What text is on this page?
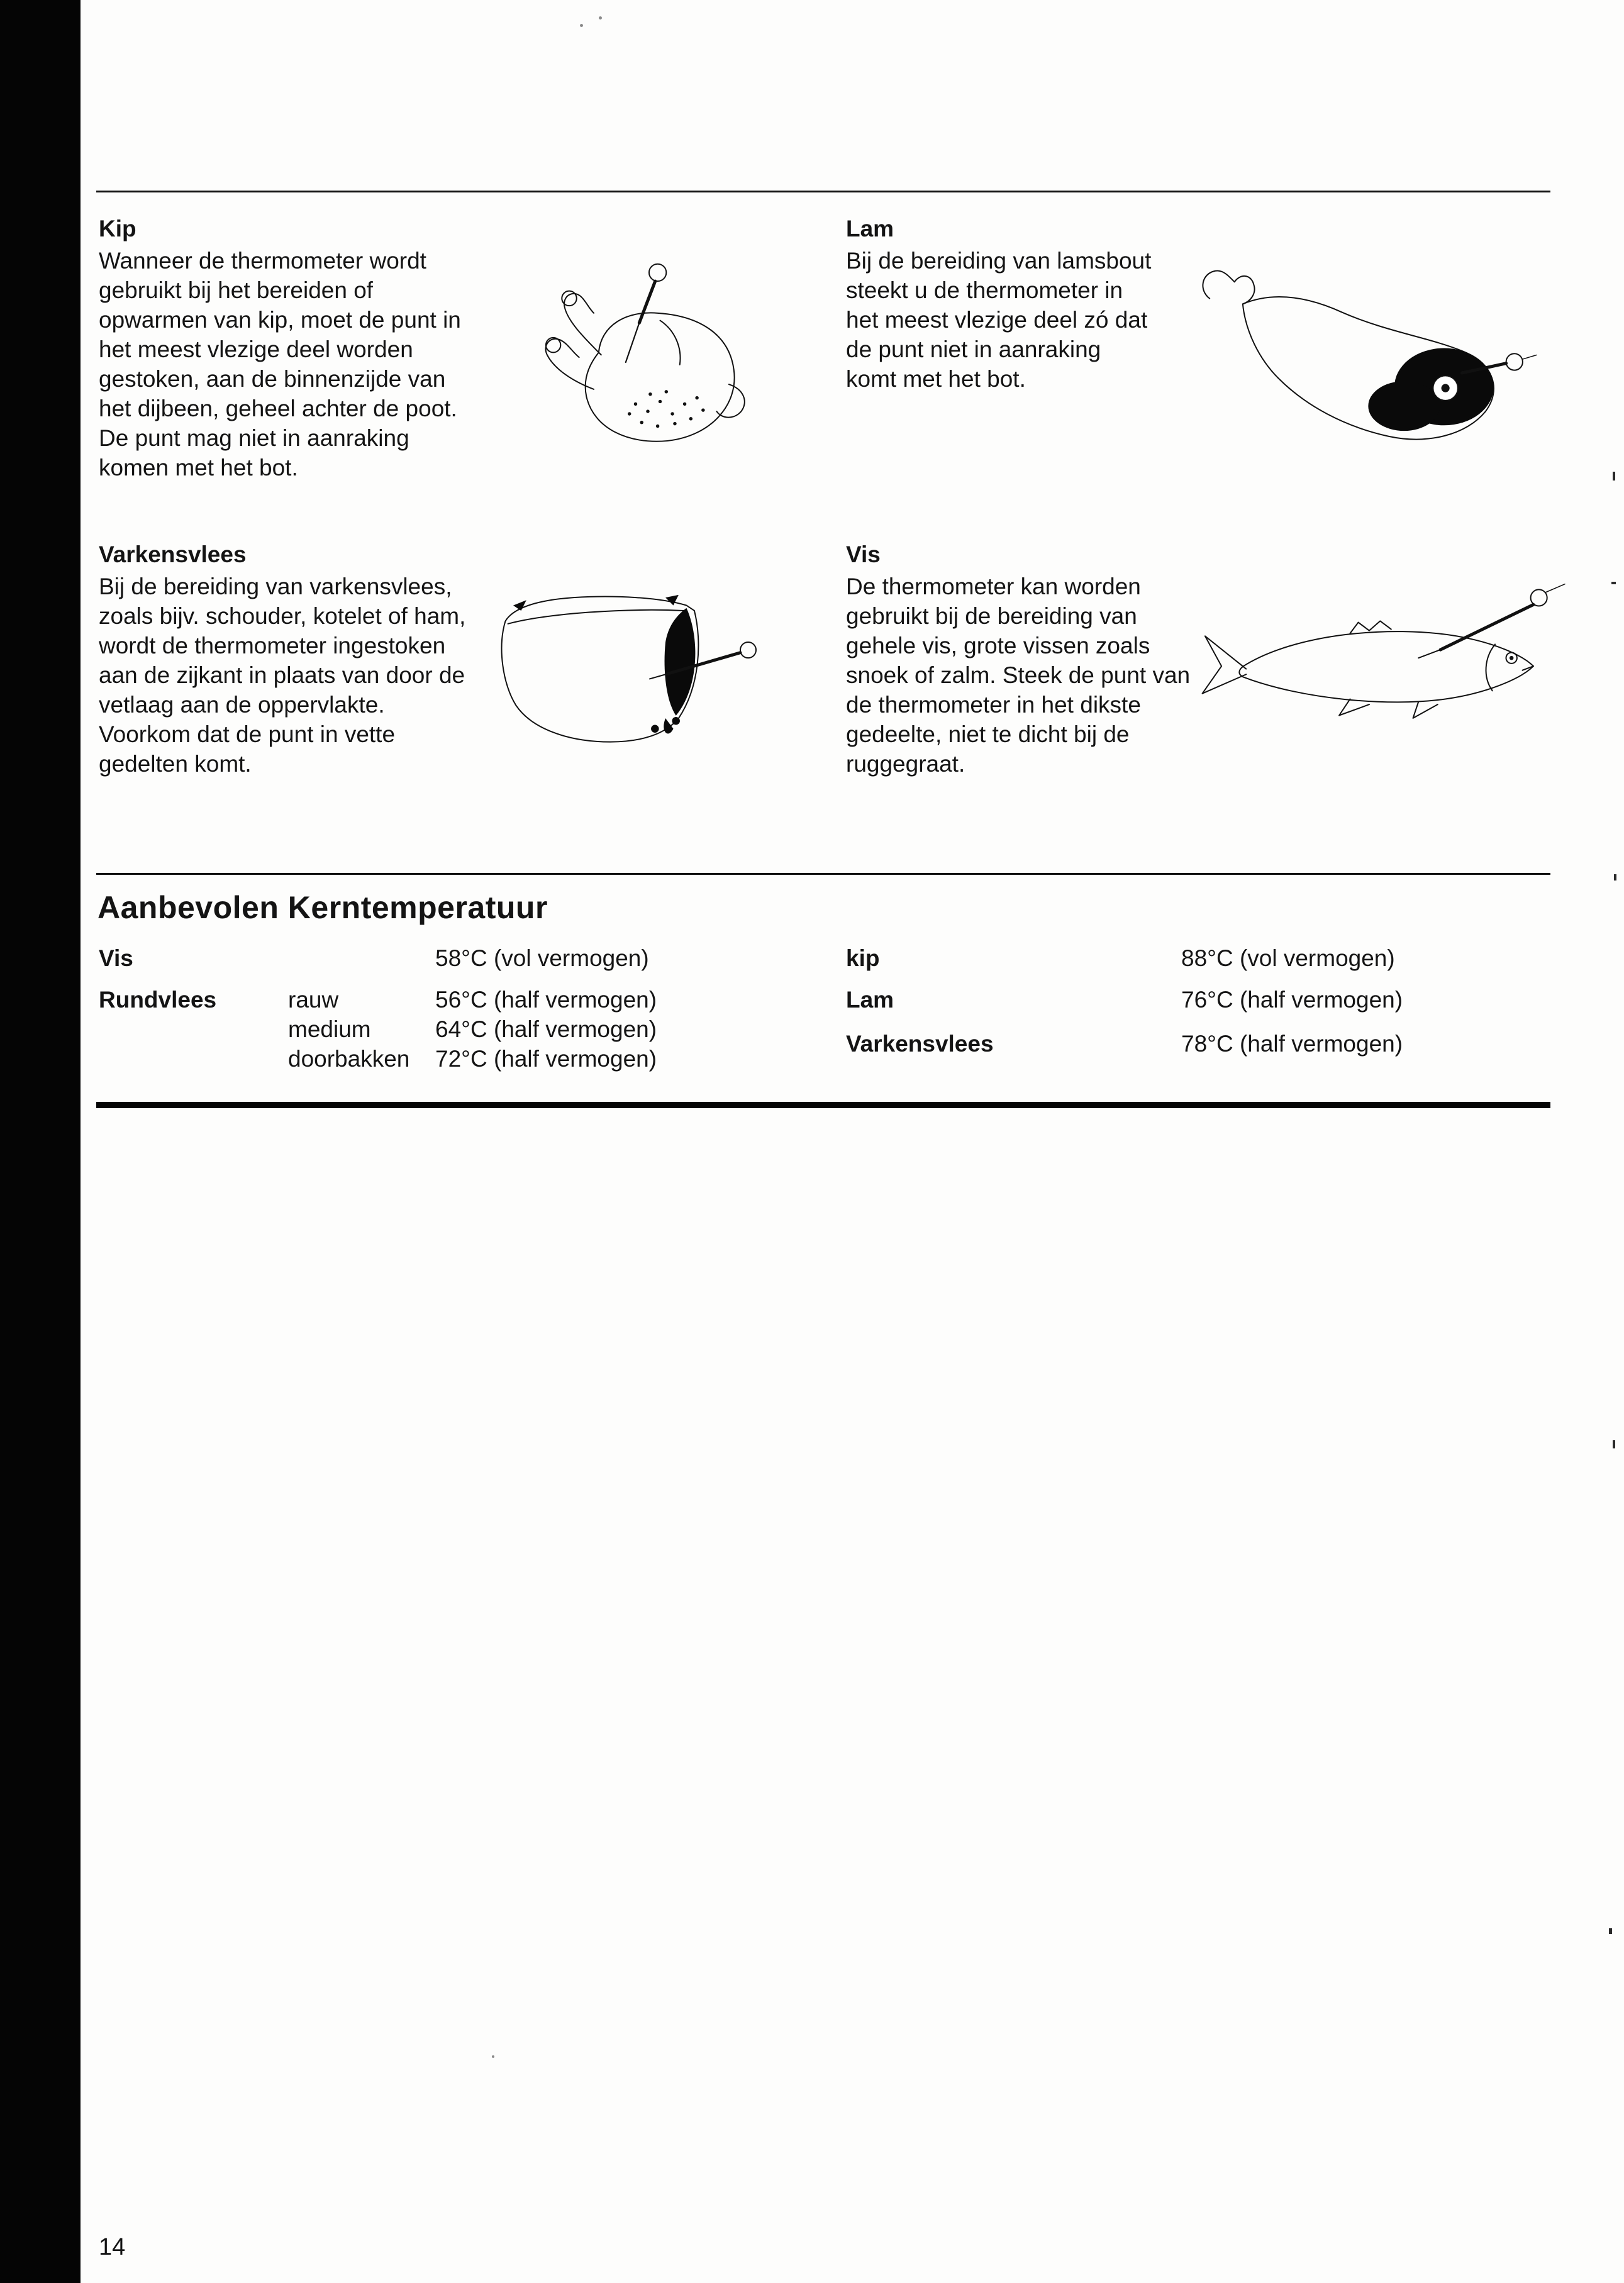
Kip

Wanneer de thermometer wordt gebruikt bij het bereiden of opwarmen van kip, moet de punt in het meest vlezige deel worden gestoken, aan de binnenzijde van het dijbeen, geheel achter de poot. De punt mag niet in aanraking komen met het bot.

Lam

Bij de bereiding van lamsbout steekt u de thermometer in het meest vlezige deel zó dat de punt niet in aanraking komt met het bot.

Varkensvlees

Bij de bereiding van varkensvlees, zoals bijv. schouder, kotelet of ham, wordt de thermometer ingestoken aan de zijkant in plaats van door de vetlaag aan de oppervlakte. Voorkom dat de punt in vette gedelten komt.

Vis

De thermometer kan worden gebruikt bij de bereiding van gehele vis, grote vissen zoals snoek of zalm. Steek de punt van de thermometer in het dikste gedeelte, niet te dicht bij de ruggegraat.

Aanbevolen Kerntemperatuur
Vis	58°C (vol vermogen)
Rundvlees	rauw	56°C (half vermogen)
medium	64°C (half vermogen)
doorbakken 72°C (half vermogen)
kip	88°C (vol vermogen)
Lam	76°C (half vermogen)
Varkensvlees	78°C (half vermogen)
14
